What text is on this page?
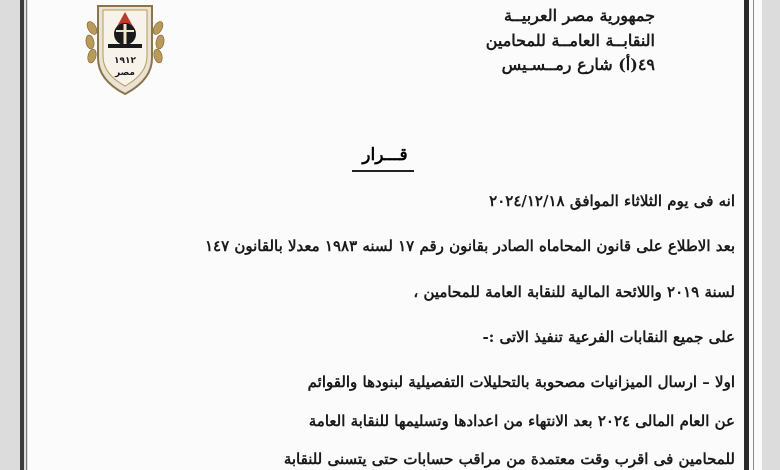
١٩١٢
مصر
جمهورية مصر العربيــة
النقابــة العامــة للمحامين
٤٩(أ) شارع رمــسـيس
قـــرار
انه فى يوم الثلاثاء الموافق ٢٠٢٤/١٢/١٨
بعد الاطلاع على قانون المحاماه الصادر بقانون رقم ١٧ لسنه ١٩٨٣ معدلا بالقانون ١٤٧
لسنة ٢٠١٩ واللائحة المالية للنقابة العامة للمحامين ،
على جميع النقابات الفرعية تنفيذ الاتى :-
اولا – ارسال الميزانيات مصحوبة بالتحليلات التفصيلية لبنودها والقوائم
عن العام المالى ٢٠٢٤ بعد الانتهاء من اعدادها وتسليمها للنقابة العامة
للمحامين فى اقرب وقت معتمدة من مراقب حسابات حتى يتسنى للنقابة
